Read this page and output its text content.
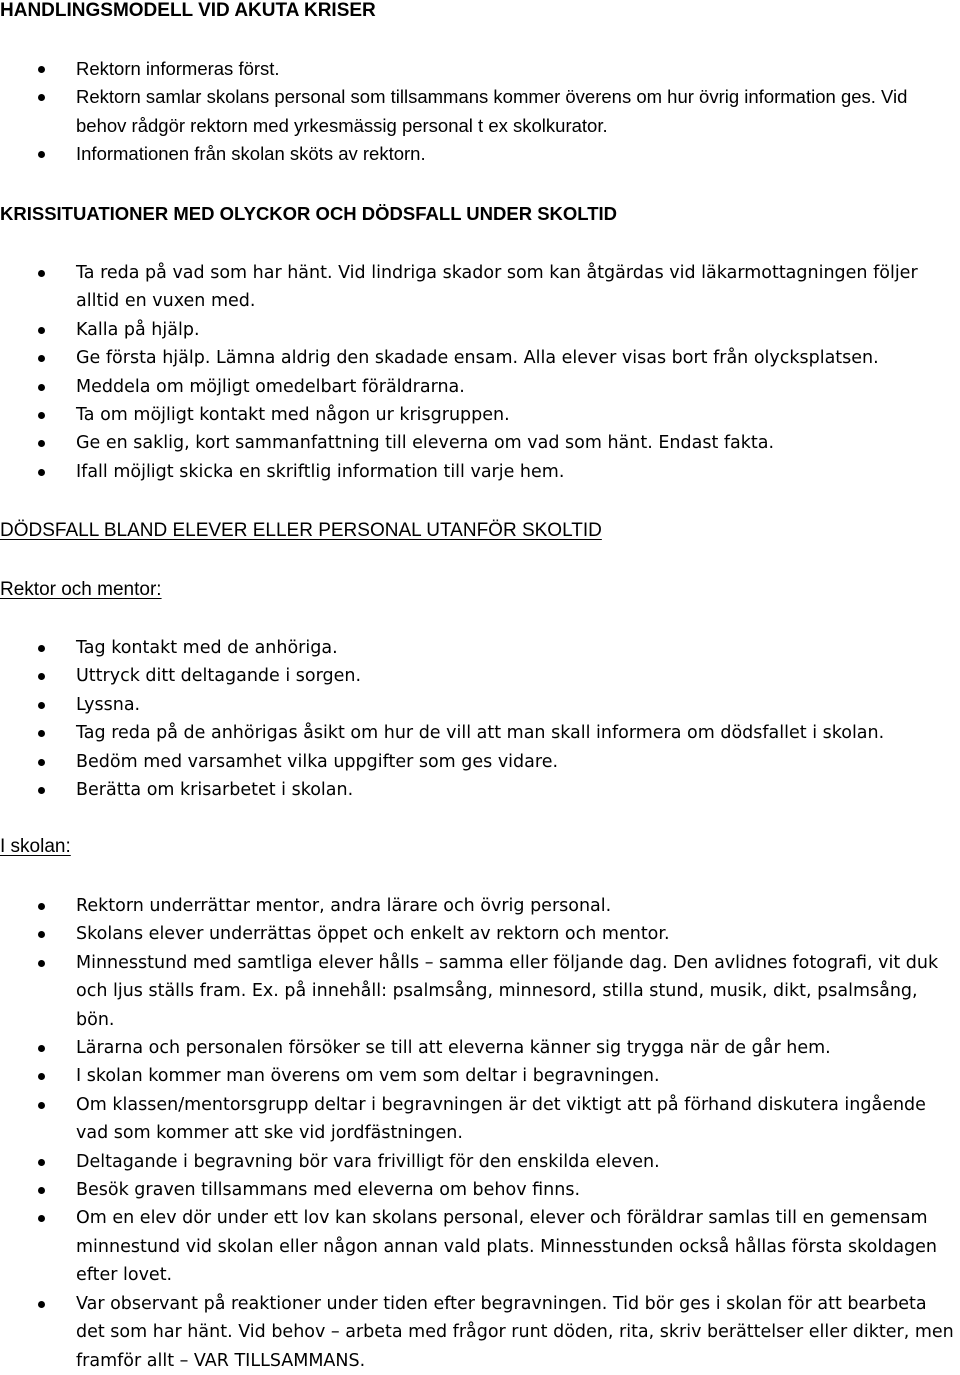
HANDLINGSMODELL VID AKUTA KRISER
Rektorn informeras först.
Rektorn samlar skolans personal som tillsammans kommer överens om hur övrig information ges. Vid behov rådgör rektorn med yrkesmässig personal t ex skolkurator.
Informationen från skolan sköts av rektorn.
KRISSITUATIONER MED OLYCKOR OCH DÖDSFALL UNDER SKOLTID
Ta reda på vad som har hänt. Vid lindriga skador som kan åtgärdas vid läkarmottagningen följer alltid en vuxen med.
Kalla på hjälp.
Ge första hjälp. Lämna aldrig den skadade ensam. Alla elever visas bort från olycksplatsen.
Meddela om möjligt omedelbart föräldrarna.
Ta om möjligt kontakt med någon ur krisgruppen.
Ge en saklig, kort sammanfattning till eleverna om vad som hänt. Endast fakta.
Ifall möjligt skicka en skriftlig information till varje hem.
DÖDSFALL BLAND ELEVER ELLER PERSONAL UTANFÖR SKOLTID
Rektor och mentor:
Tag kontakt med de anhöriga.
Uttryck ditt deltagande i sorgen.
Lyssna.
Tag reda på de anhörigas åsikt om hur de vill att man skall informera om dödsfallet i skolan.
Bedöm med varsamhet vilka uppgifter som ges vidare.
Berätta om krisarbetet i skolan.
I skolan:
Rektorn underrättar mentor, andra lärare och övrig personal.
Skolans elever underrättas öppet och enkelt av rektorn och mentor.
Minnesstund med samtliga elever hålls – samma eller följande dag. Den avlidnes fotografi, vit duk och ljus ställs fram. Ex. på innehåll: psalmsång, minnesord, stilla stund, musik, dikt, psalmsång, bön.
Lärarna och personalen försöker se till att eleverna känner sig trygga när de går hem.
I skolan kommer man överens om vem som deltar i begravningen.
Om klassen/mentorsgrupp deltar i begravningen är det viktigt att på förhand diskutera ingående vad som kommer att ske vid jordfästningen.
Deltagande i begravning bör vara frivilligt för den enskilda eleven.
Besök graven tillsammans med eleverna om behov finns.
Om en elev dör under ett lov kan skolans personal, elever och föräldrar samlas till en gemensam minnestund vid skolan eller någon annan vald plats. Minnesstunden också hållas första skoldagen efter lovet.
Var observant på reaktioner under tiden efter begravningen. Tid bör ges i skolan för att bearbeta det som har hänt. Vid behov – arbeta med frågor runt döden, rita, skriv berättelser eller dikter, men framför allt – VAR TILLSAMMANS.
